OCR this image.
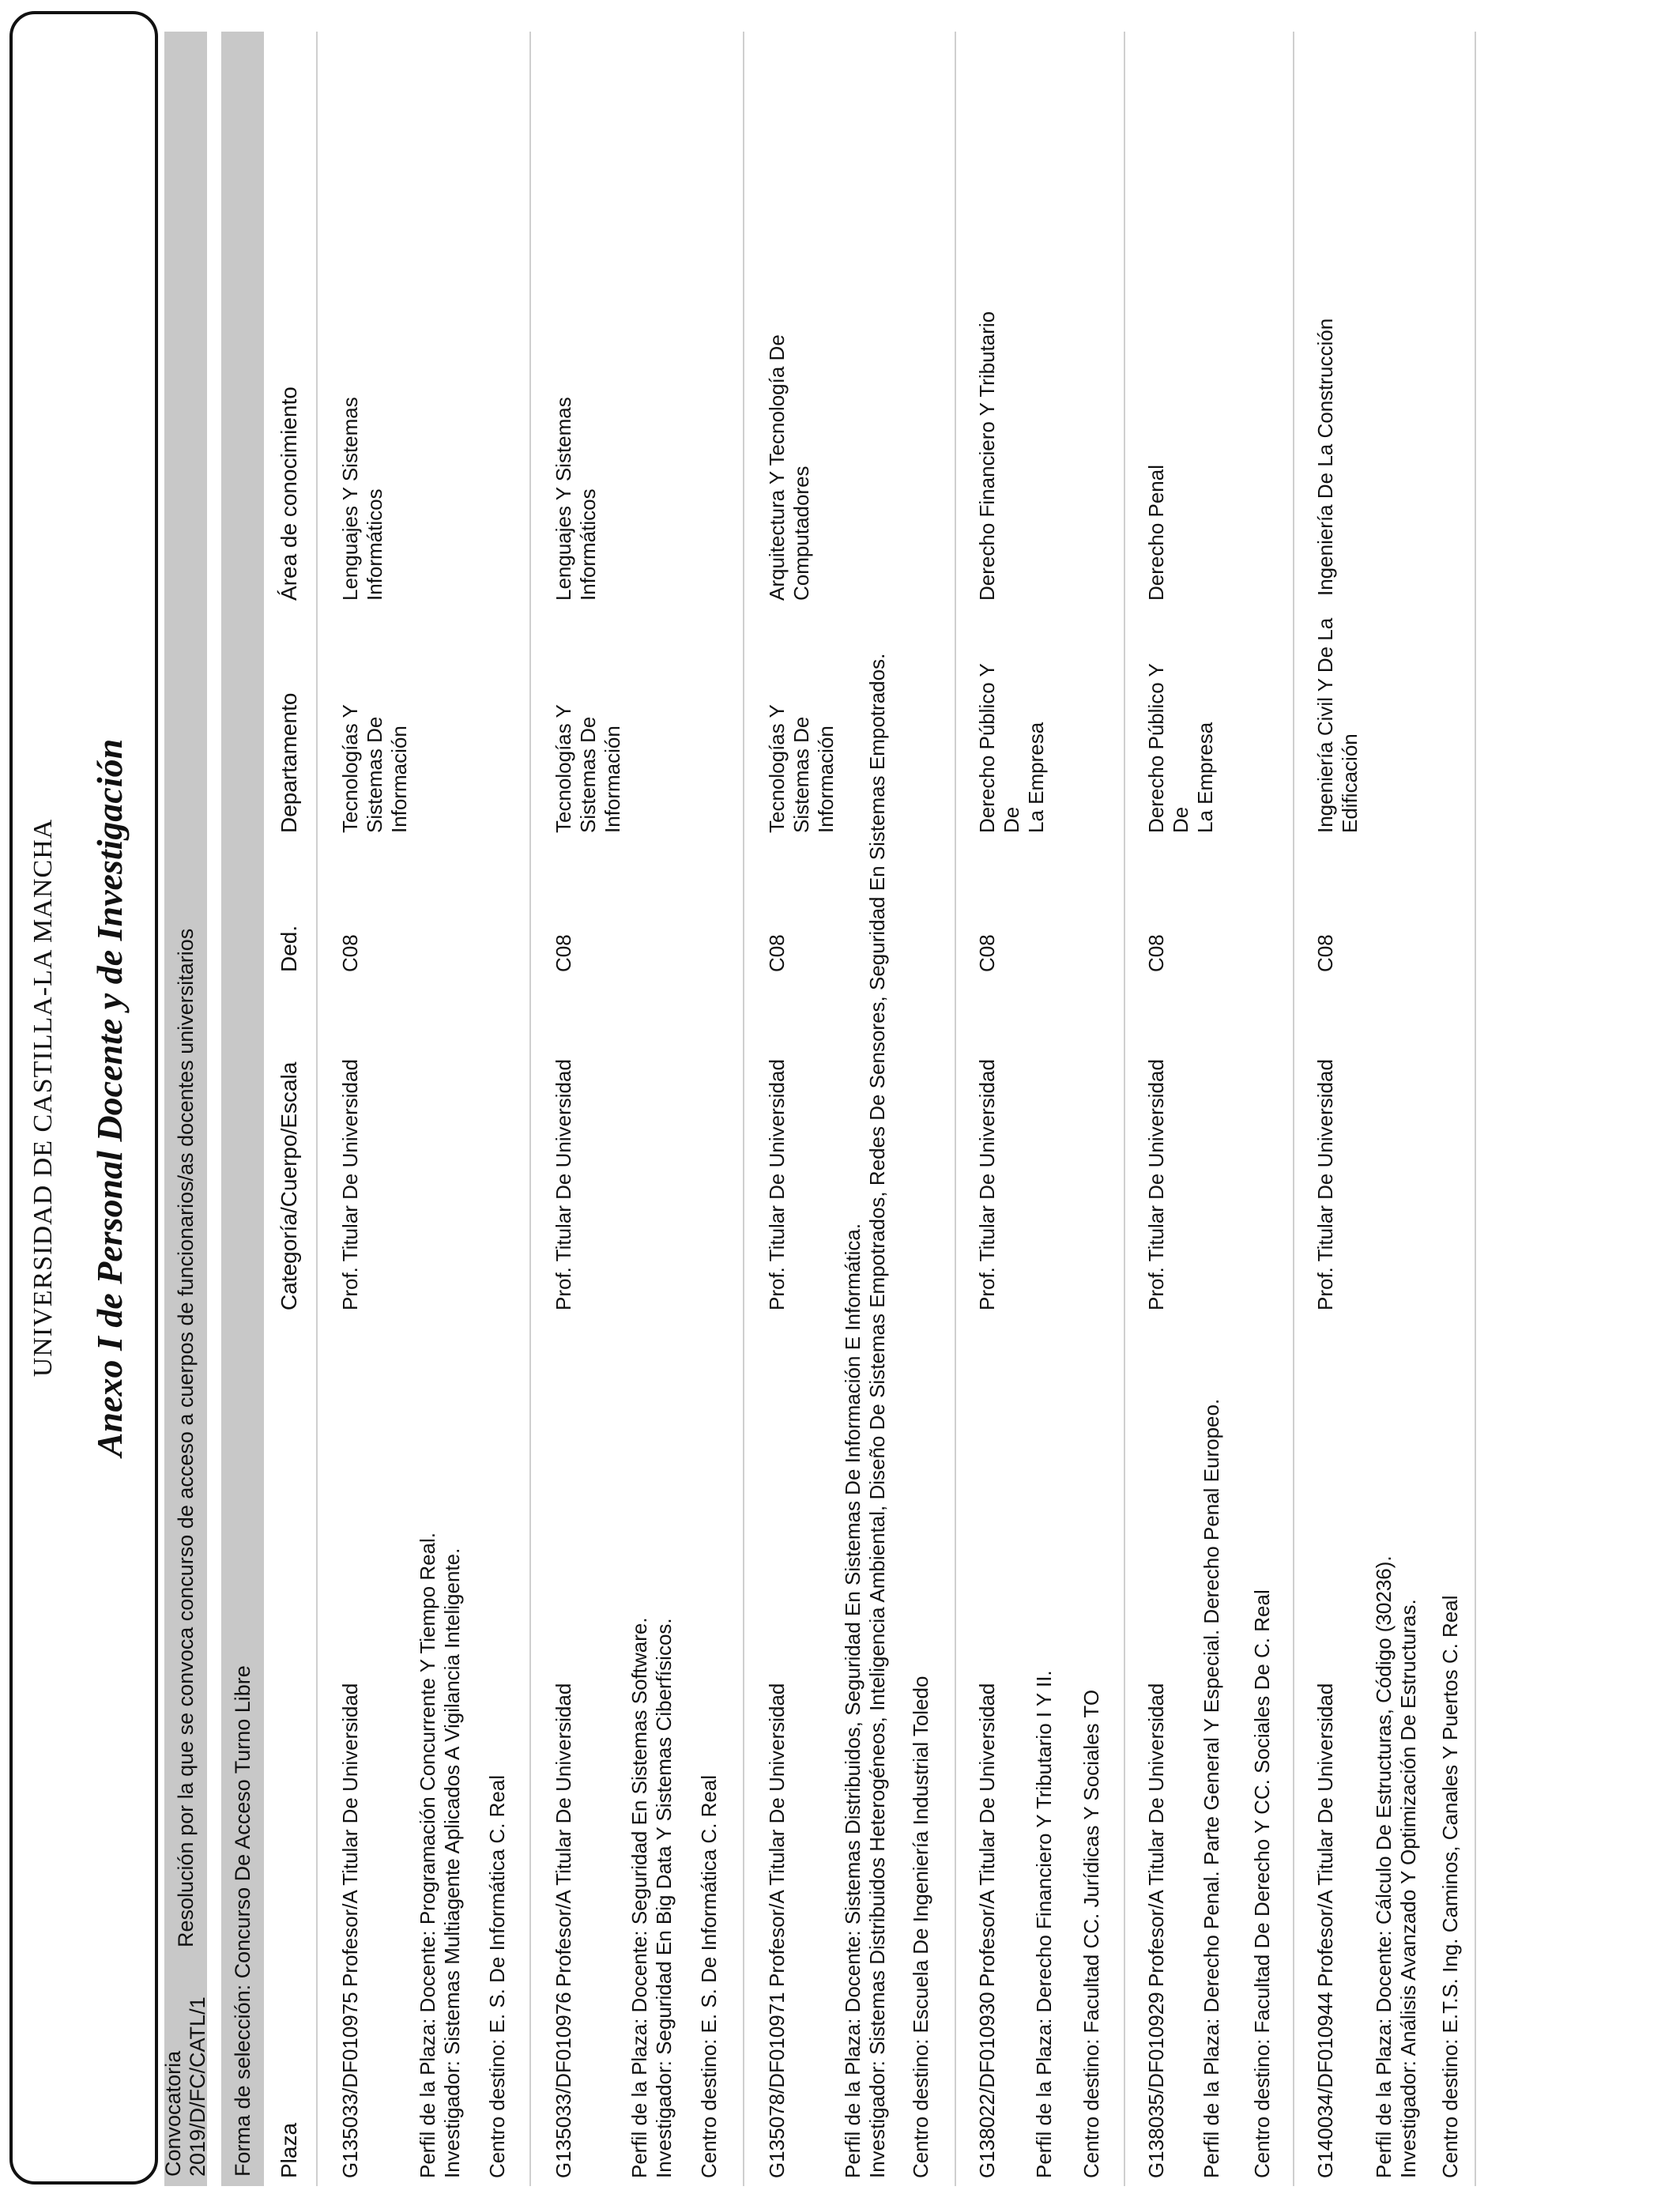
UNIVERSIDAD DE CASTILLA-LA MANCHA Anexo I de Personal Docente y de Investigación
Convocatoria 2019/D/FC/CATL/1
Resolución por la que se convoca concurso de acceso a cuerpos de funcionarios/as docentes universitarios Forma de selección: Concurso De Acceso Turno Libre Plaza
Categoría/Cuerpo/Escala
Ded.
Departamento
Área de conocimiento
G135033/DF010975
Profesor/A Titular De Universidad
Prof. Titular De Universidad
C08
Tecnologías Y Sistemas De Información
Lenguajes Y Sistemas Informáticos
Perfil de la Plaza: Docente: Programación Concurrente Y Tiempo Real. Investigador: Sistemas Multiagente Aplicados A Vigilancia Inteligente. Centro destino: E. S. De Informática C. Real G135033/DF010976
Profesor/A Titular De Universidad
Prof. Titular De Universidad
C08
Tecnologías Y Sistemas De Información
Lenguajes Y Sistemas Informáticos
Perfil de la Plaza: Docente: Seguridad En Sistemas Software. Investigador: Seguridad En Big Data Y Sistemas Ciberfísicos. Centro destino: E. S. De Informática C. Real G135078/DF010971
Profesor/A Titular De Universidad
Prof. Titular De Universidad
C08
Tecnologías Y Sistemas De Información
Arquitectura Y Tecnología De Computadores
Perfil de la Plaza: Docente: Sistemas Distribuidos, Seguridad En Sistemas De Información E Informática. Investigador: Sistemas Distribuidos Heterogéneos, Inteligencia Ambiental, Diseño De Sistemas Empotrados, Redes De Sensores, Seguridad En Sistemas Empotrados. Centro destino: Escuela De Ingeniería Industrial Toledo G138022/DF010930
Profesor/A Titular De Universidad
Prof. Titular De Universidad
C08
Derecho Público Y De La Empresa
Derecho Financiero Y Tributario
Perfil de la Plaza: Derecho Financiero Y Tributario I Y II. Centro destino: Facultad CC. Jurídicas Y Sociales TO G138035/DF010929
Profesor/A Titular De Universidad
Prof. Titular De Universidad
C08
Derecho Público Y De La Empresa
Derecho Penal
Perfil de la Plaza: Derecho Penal. Parte General Y Especial. Derecho Penal Europeo. Centro destino: Facultad De Derecho Y CC. Sociales De C. Real G140034/DF010944
Profesor/A Titular De Universidad
Prof. Titular De Universidad
C08
Ingeniería Civil Y De La Edificación
Ingeniería De La Construcción
Perfil de la Plaza: Docente: Cálculo De Estructuras, Código (30236). Investigador: Análisis Avanzado Y Optimización De Estructuras. Centro destino: E.T.S. Ing. Caminos, Canales Y Puertos C. Real
